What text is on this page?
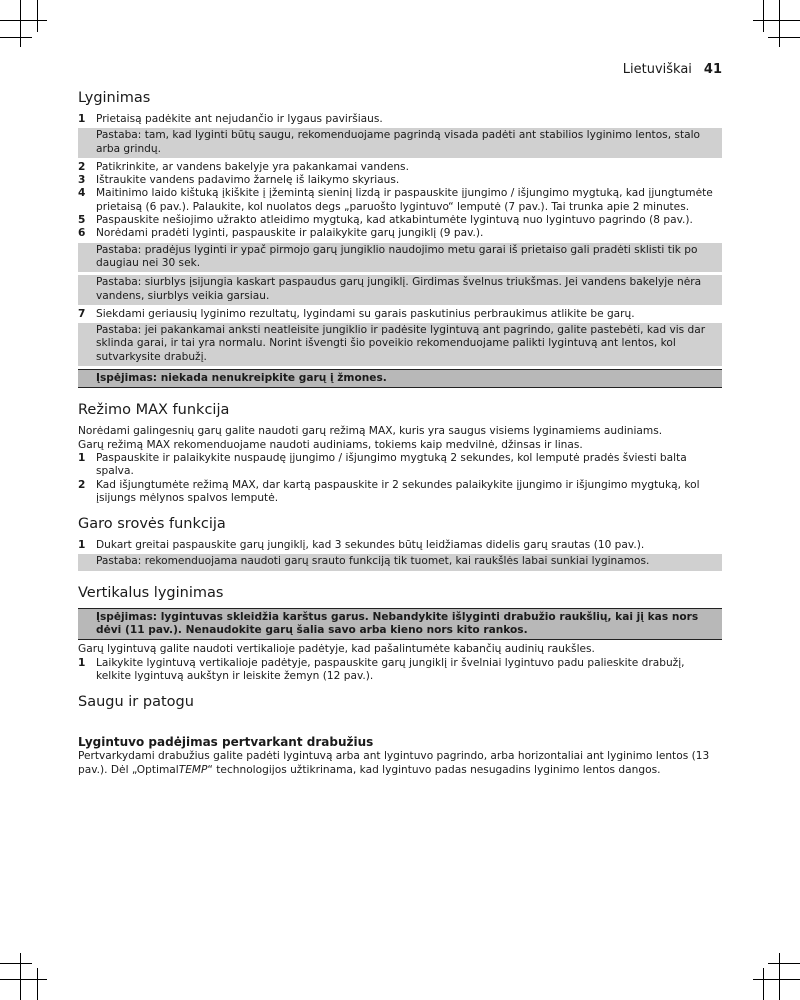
Lietuviškai 41
Lyginimas
1	Prietaisą padėkite ant nejudančio ir lygaus paviršiaus.
Pastaba: tam, kad lyginti būtų saugu, rekomenduojame pagrindą visada padėti ant stabilios lyginimo lentos, stalo arba grindų.
2	Patikrinkite, ar vandens bakelyje yra pakankamai vandens.
3	Ištraukite vandens padavimo žarnelę iš laikymo skyriaus.
4	Maitinimo laido kištuką įkiškite į įžemintą sieninį lizdą ir paspauskite įjungimo / išjungimo mygtuką, kad įjungtumėte prietaisą (6 pav.). Palaukite, kol nuolatos degs „paruošto lygintuvo“ lemputė (7 pav.). Tai trunka apie 2 minutes.
5	Paspauskite nešiojimo užrakto atleidimo mygtuką, kad atkabintumėte lygintuvą nuo lygintuvo pagrindo (8 pav.).
6	Norėdami pradėti lyginti, paspauskite ir palaikykite garų jungiklį (9 pav.).
Pastaba: pradėjus lyginti ir ypač pirmojo garų jungiklio naudojimo metu garai iš prietaiso gali pradėti sklisti tik po daugiau nei 30 sek.
Pastaba: siurblys įsijungia kaskart paspaudus garų jungiklį. Girdimas švelnus triukšmas. Jei vandens bakelyje nėra vandens, siurblys veikia garsiau.
7	Siekdami geriausių lyginimo rezultatų, lygindami su garais paskutinius perbraukimus atlikite be garų.
Pastaba: jei pakankamai anksti neatleisite jungiklio ir padėsite lygintuvą ant pagrindo, galite pastebėti, kad vis dar sklinda garai, ir tai yra normalu. Norint išvengti šio poveikio rekomenduojame palikti lygintuvą ant lentos, kol sutvarkysite drabužį.
Įspėjimas: niekada nenukreipkite garų į žmones.
Režimo MAX funkcija

Norėdami galingesnių garų galite naudoti garų režimą MAX, kuris yra saugus visiems lyginamiems audiniams.

Garų režimą MAX rekomenduojame naudoti audiniams, tokiems kaip medvilnė, džinsas ir linas.

1	Paspauskite ir palaikykite nuspaudę įjungimo / išjungimo mygtuką 2 sekundes, kol lemputė pradės šviesti balta spalva.
2	Kad išjungtumėte režimą MAX, dar kartą paspauskite ir 2 sekundes palaikykite įjungimo ir išjungimo mygtuką, kol įsijungs mėlynos spalvos lemputė.
Garo srovės funkcija
1	Dukart greitai paspauskite garų jungiklį, kad 3 sekundes būtų leidžiamas didelis garų srautas (10 pav.).
Pastaba: rekomenduojama naudoti garų srauto funkciją tik tuomet, kai raukšlės labai sunkiai lyginamos.
Vertikalus lyginimas
Įspėjimas: lygintuvas skleidžia karštus garus. Nebandykite išlyginti drabužio raukšlių, kai jį kas nors dėvi (11 pav.). Nenaudokite garų šalia savo arba kieno nors kito rankos.

Garų lygintuvą galite naudoti vertikalioje padėtyje, kad pašalintumėte kabančių audinių raukšles.

1	Laikykite lygintuvą vertikalioje padėtyje, paspauskite garų jungiklį ir švelniai lygintuvo padu palieskite drabužį, kelkite lygintuvą aukštyn ir leiskite žemyn (12 pav.).
Saugu ir patogu
Lygintuvo padėjimas pertvarkant drabužius

Pertvarkydami drabužius galite padėti lygintuvą arba ant lygintuvo pagrindo, arba horizontaliai ant lyginimo lentos (13 pav.). Dėl „OptimalTEMP“ technologijos užtikrinama, kad lygintuvo padas nesugadins lyginimo lentos dangos.
